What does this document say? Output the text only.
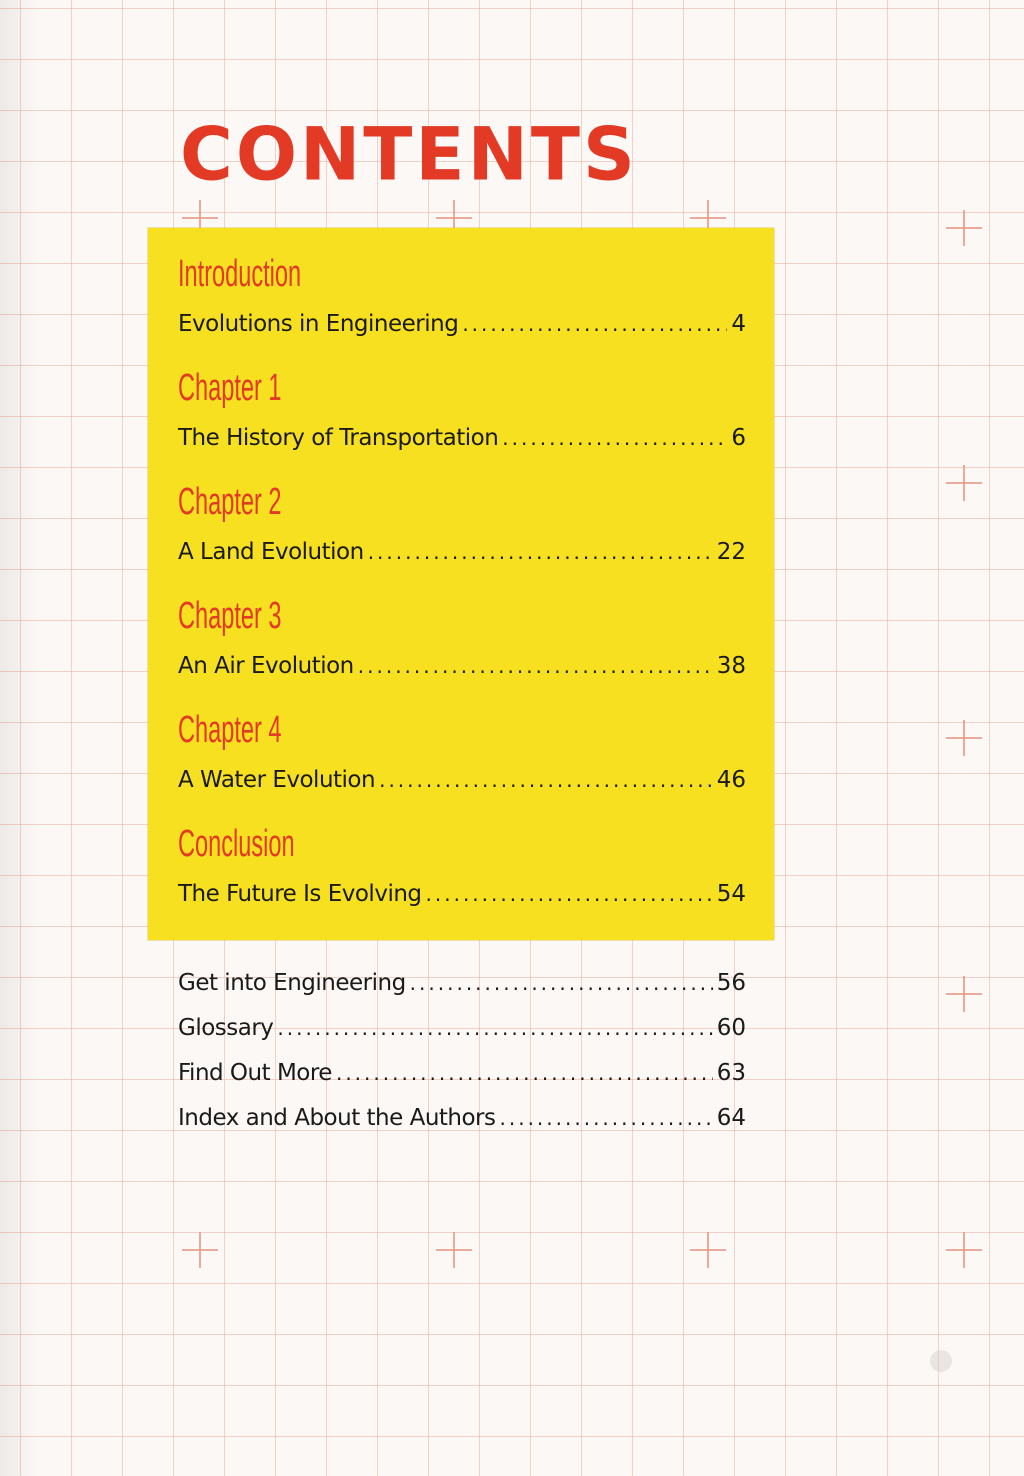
CONTENTS
Introduction
Evolutions in Engineering .....	4
Chapter 1
The History of Transportation .....	6
Chapter 2
A Land Evolution .....	22
Chapter 3
An Air Evolution .....	38
Chapter 4
A Water Evolution .....	46
Conclusion
The Future Is Evolving .....	54
Get into Engineering .....	56
Glossary .....	60
Find Out More .....	63
Index and About the Authors .....	64
